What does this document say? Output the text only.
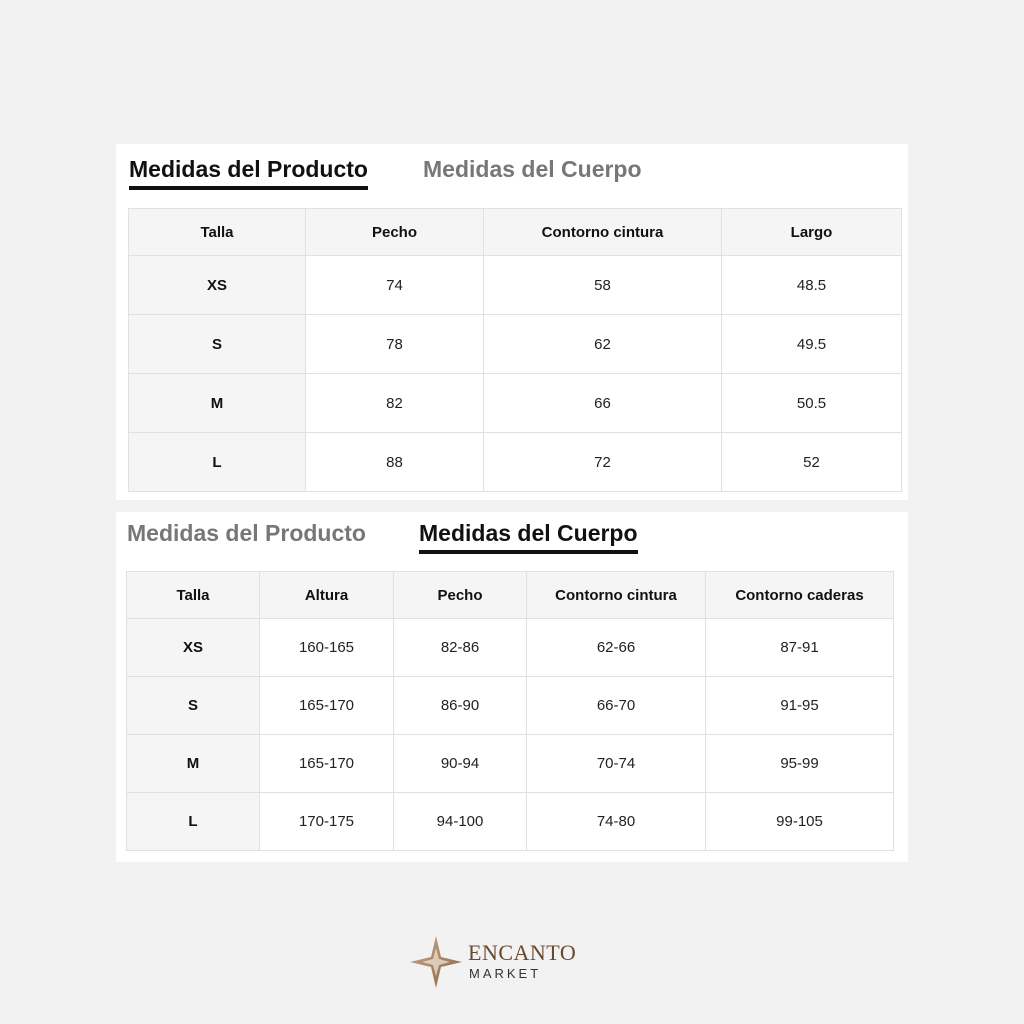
Medidas del Producto Medidas del Cuerpo
Talla	Pecho	Contorno cintura	Largo
XS	74	58	48.5
S	78	62	49.5
M	82	66	50.5
L	88	72	52
Medidas del Producto Medidas del Cuerpo
Talla	Altura	Pecho	Contorno cintura	Contorno caderas
XS	160-165	82-86	62-66	87-91
S	165-170	86-90	66-70	91-95
M	165-170	90-94	70-74	95-99
L	170-175	94-100	74-80	99-105
ENCANTO
MARKET
